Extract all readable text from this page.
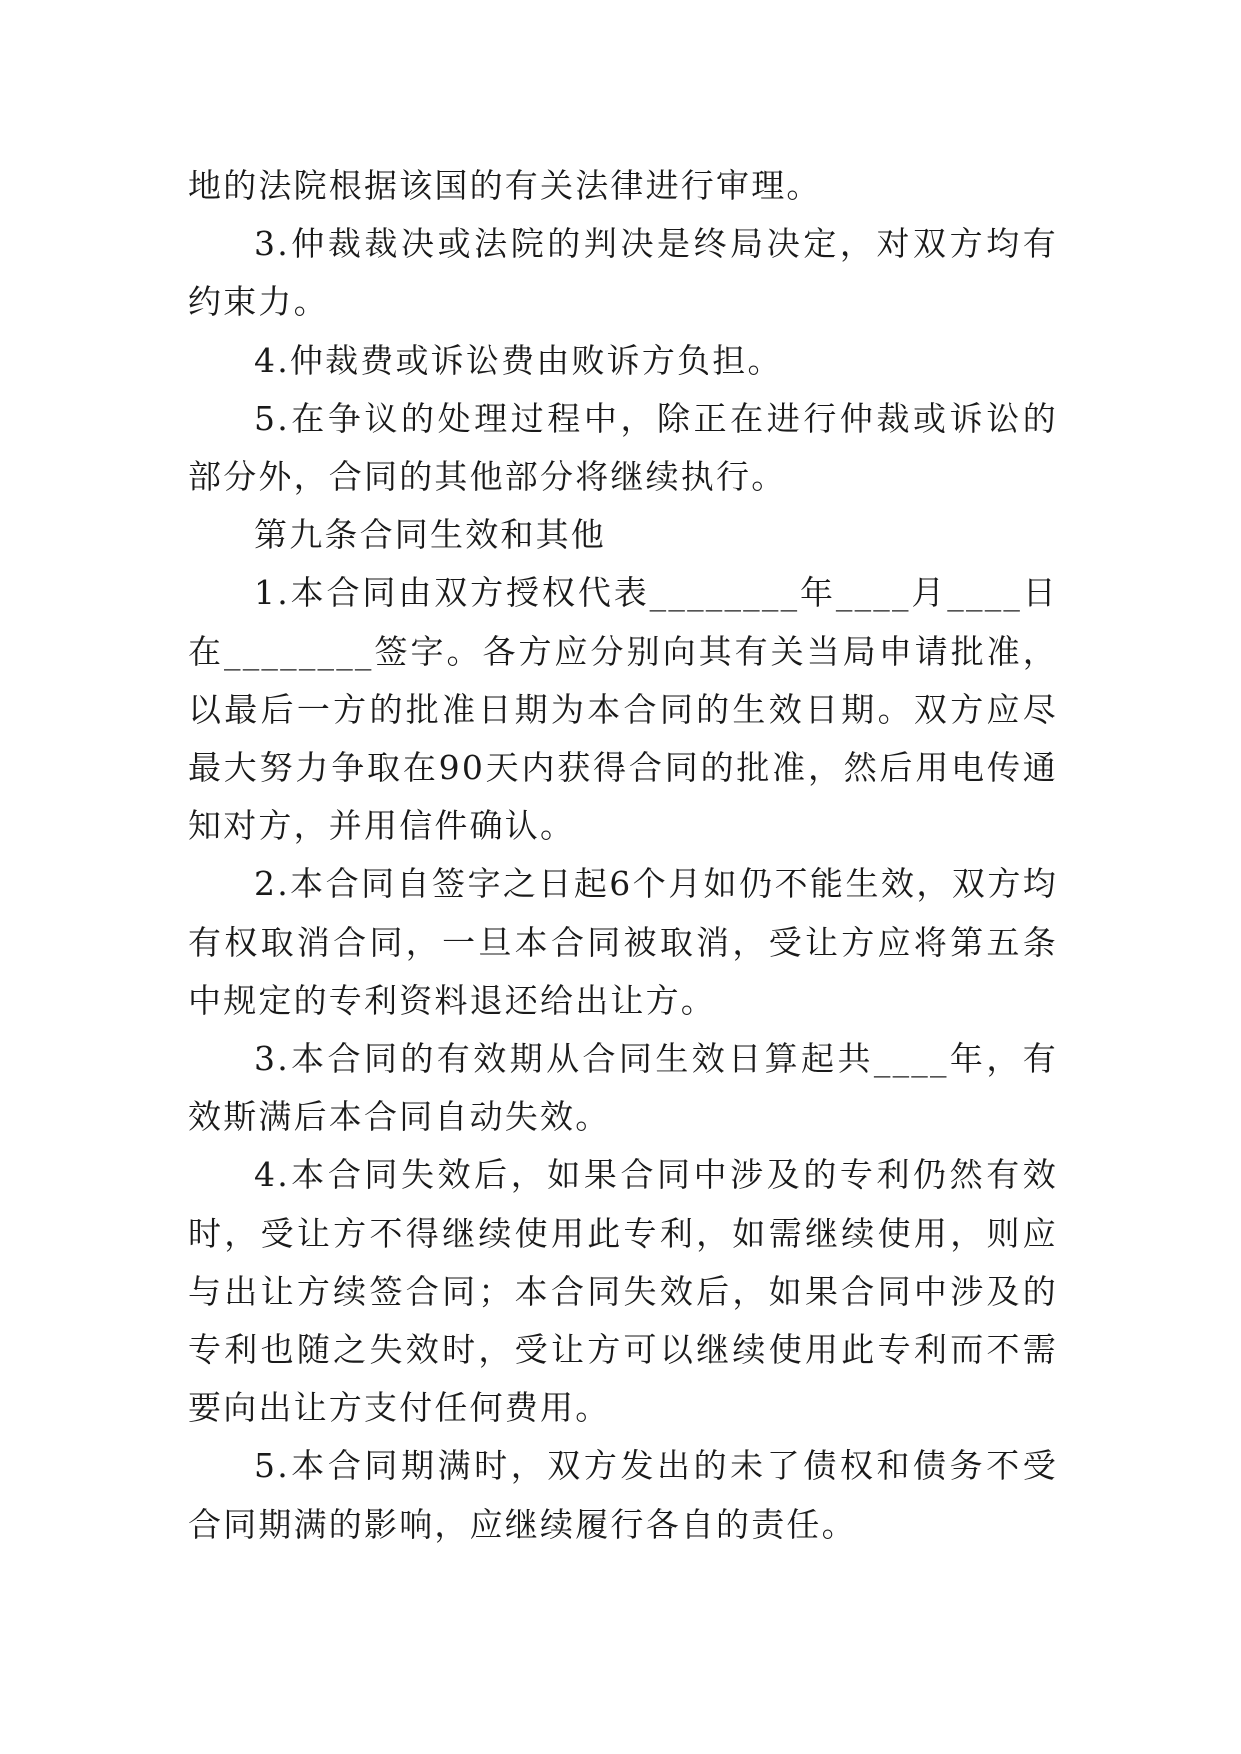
地的法院根据该国的有关法律进行审理。

3.仲裁裁决或法院的判决是终局决定，对双方均有约束力。

4.仲裁费或诉讼费由败诉方负担。

5.在争议的处理过程中，除正在进行仲裁或诉讼的部分外，合同的其他部分将继续执行。

第九条合同生效和其他

1.本合同由双方授权代表________年____月____日在________签字。各方应分别向其有关当局申请批准，以最后一方的批准日期为本合同的生效日期。双方应尽最大努力争取在90天内获得合同的批准，然后用电传通知对方，并用信件确认。

2.本合同自签字之日起6个月如仍不能生效，双方均有权取消合同，一旦本合同被取消，受让方应将第五条中规定的专利资料退还给出让方。

3.本合同的有效期从合同生效日算起共____年，有效斯满后本合同自动失效。

4.本合同失效后，如果合同中涉及的专利仍然有效时，受让方不得继续使用此专利，如需继续使用，则应与出让方续签合同；本合同失效后，如果合同中涉及的专利也随之失效时，受让方可以继续使用此专利而不需要向出让方支付任何费用。

5.本合同期满时，双方发出的未了债权和债务不受合同期满的影响，应继续履行各自的责任。
